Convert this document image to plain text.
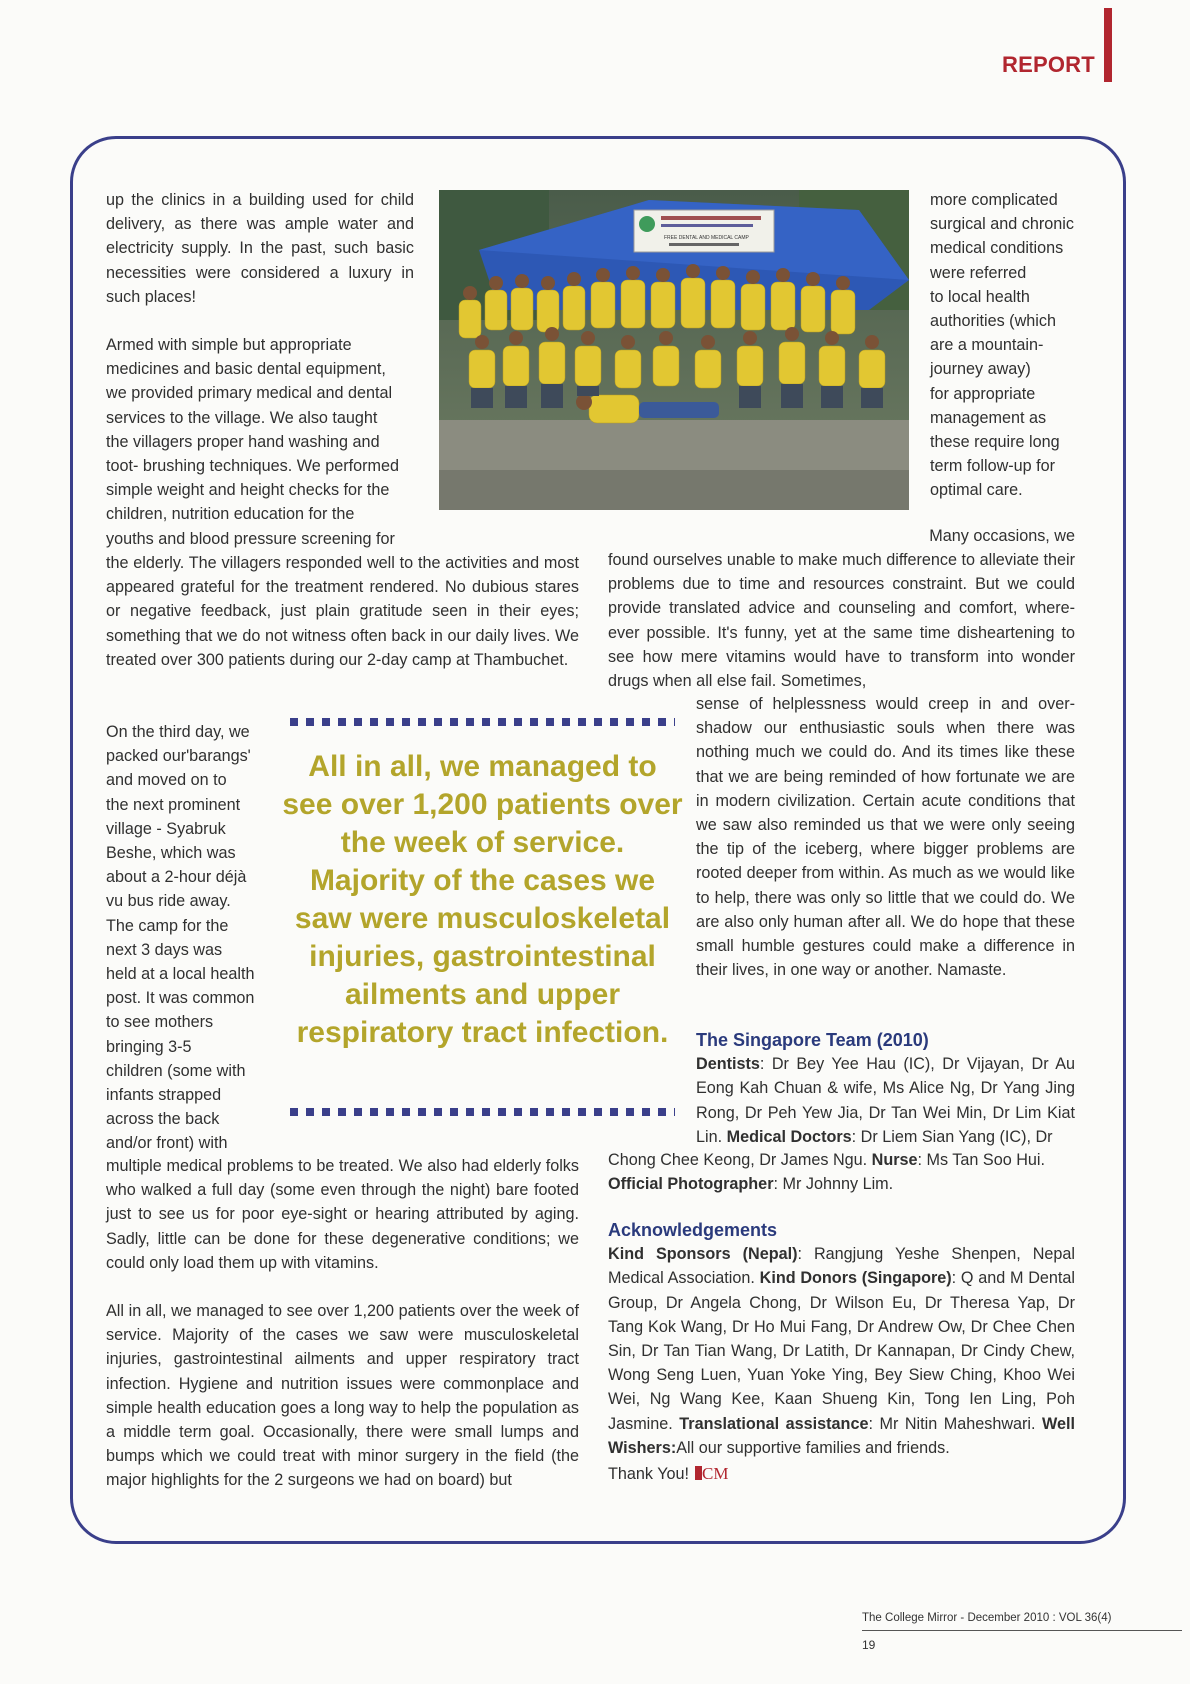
REPORT

up the clinics in a building used for child delivery, as there was ample water and electricity supply. In the past, such basic necessities were considered a luxury in such places!

Armed with simple but appropriate
medicines and basic dental equipment,
we provided primary medical and dental
services to the village. We also taught
the villagers proper hand washing and
toot- brushing techniques. We performed
simple weight and height checks for the
children, nutrition education for the
youths and blood pressure screening for

the elderly. The villagers responded well to the activities and most appeared grateful for the treatment rendered. No dubious stares or negative feedback, just plain gratitude seen in their eyes; something that we do not witness often back in our daily lives. We treated over 300 patients during our 2-day camp at Thambuchet.

On the third day, we
packed our'barangs'
and moved on to
the next prominent
village - Syabruk
Beshe, which was
about a 2-hour déjà
vu bus ride away.
The camp for the
next 3 days was
held at a local health
post. It was common
to see mothers
bringing 3-5
children (some with
infants strapped
across the back
and/or front) with

multiple medical problems to be treated. We also had elderly folks who walked a full day (some even through the night) bare footed just to see us for poor eye-sight or hearing attributed by aging. Sadly, little can be done for these degenerative conditions; we could only load them up with vitamins.

All in all, we managed to see over 1,200 patients over the week of service. Majority of the cases we saw were musculoskeletal injuries, gastrointestinal ailments and upper respiratory tract infection. Hygiene and nutrition issues were commonplace and simple health education goes a long way to help the population as a middle term goal. Occasionally, there were small lumps and bumps which we could treat with minor surgery in the field (the major highlights for the 2 surgeons we had on board) but

FREE DENTAL AND MEDICAL CAMP
more complicated
surgical and chronic
medical conditions
were referred
to local health
authorities (which
are a mountain-
journey away)
for appropriate
management as
these require long
term follow-up for
optimal care.
Many occasions, we

found ourselves unable to make much difference to alleviate their problems due to time and resources constraint. But we could provide translated advice and counseling and comfort, where-ever possible. It's funny, yet at the same time disheartening to see how mere vitamins would have to transform into wonder drugs when all else fail. Sometimes,

sense of helplessness would creep in and over-shadow our enthusiastic souls when there was nothing much we could do. And its times like these that we are being reminded of how fortunate we are in modern civilization. Certain acute conditions that we saw also reminded us that we were only seeing the tip of the iceberg, where bigger problems are rooted deeper from within. As much as we would like to help, there was only so little that we could do. We are also only human after all. We do hope that these small humble gestures could make a difference in their lives, in one way or another. Namaste.

The Singapore Team (2010)

Dentists: Dr Bey Yee Hau (IC), Dr Vijayan, Dr Au Eong Kah Chuan & wife, Ms Alice Ng, Dr Yang Jing Rong, Dr Peh Yew Jia, Dr Tan Wei Min, Dr Lim Kiat Lin. Medical Doctors: Dr Liem Sian Yang (IC), Dr

Chong Chee Keong, Dr James Ngu. Nurse: Ms Tan Soo Hui.
Official Photographer: Mr Johnny Lim.

Acknowledgements

Kind Sponsors (Nepal): Rangjung Yeshe Shenpen, Nepal Medical Association. Kind Donors (Singapore): Q and M Dental Group, Dr Angela Chong, Dr Wilson Eu, Dr Theresa Yap, Dr Tang Kok Wang, Dr Ho Mui Fang, Dr Andrew Ow, Dr Chee Chen Sin, Dr Tan Tian Wang, Dr Latith, Dr Kannapan, Dr Cindy Chew, Wong Seng Luen, Yuan Yoke Ying, Bey Siew Ching, Khoo Wei Wei, Ng Wang Kee, Kaan Shueng Kin, Tong Ien Ling, Poh Jasmine. Translational assistance: Mr Nitin Maheshwari. Well Wishers:All our supportive families and friends.

Thank You! CM

All in all, we managed to see over 1,200 patients over the week of service. Majority of the cases we saw were musculoskeletal injuries, gastrointestinal ailments and upper respiratory tract infection.
The College Mirror - December 2010 : VOL 36(4)
19
